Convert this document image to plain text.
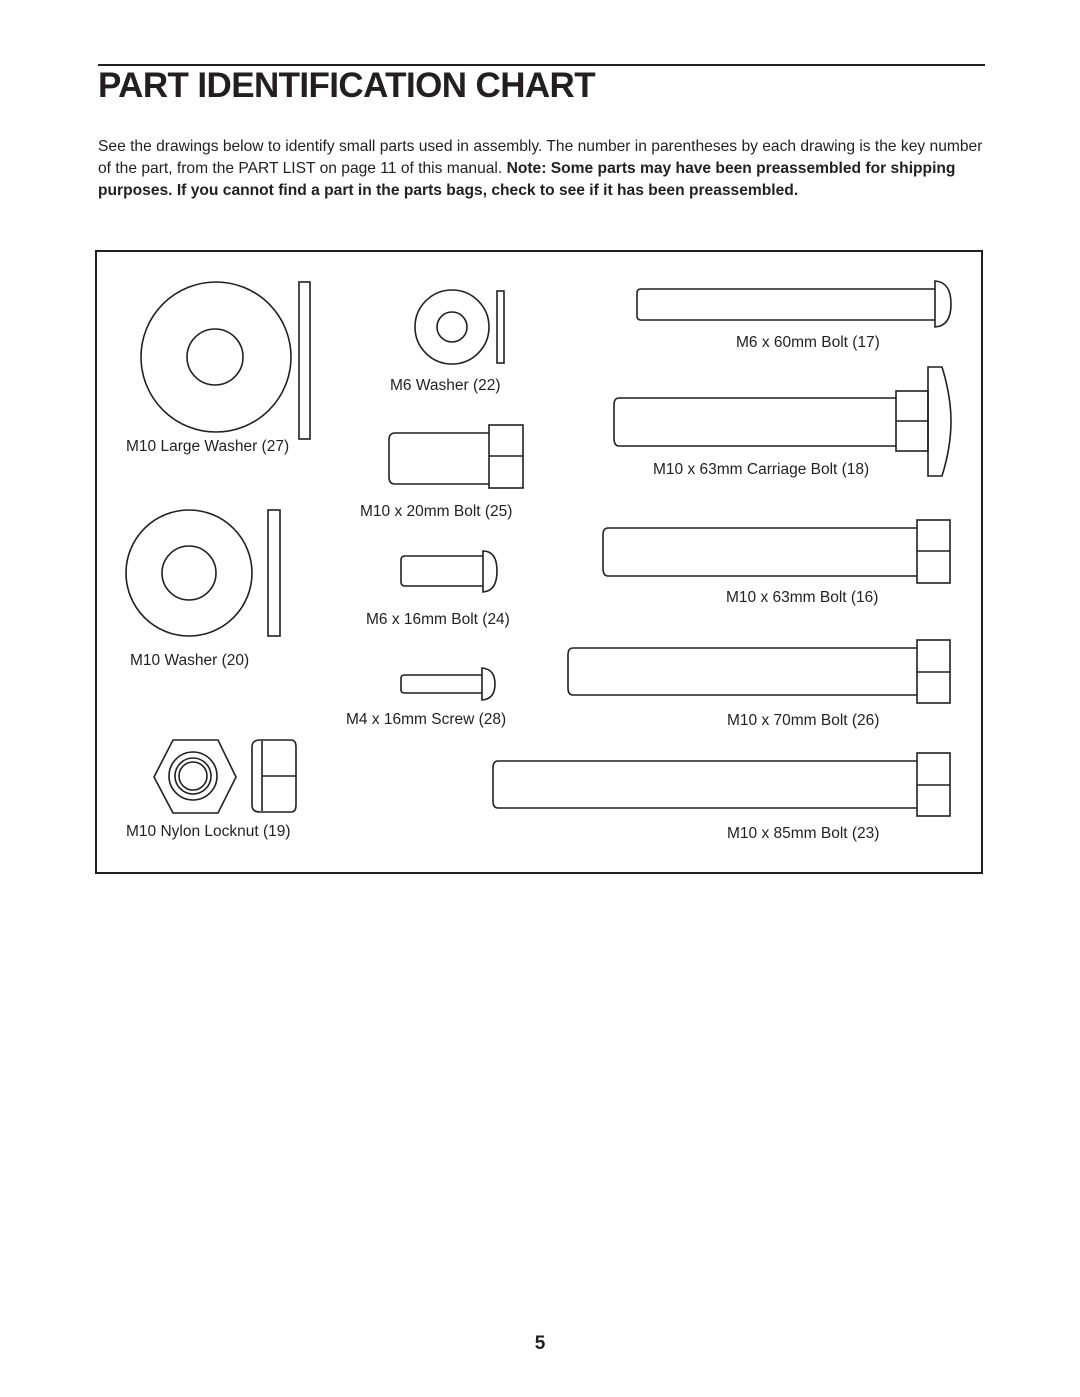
PART IDENTIFICATION CHART

See the drawings below to identify small parts used in assembly. The number in parentheses by each drawing is the key number of the part, from the PART LIST on page 11 of this manual. Note: Some parts may have been preassembled for shipping purposes. If you cannot find a part in the parts bags, check to see if it has been preassembled.

M10 Large Washer (27)
M10 Washer (20)
M10 Nylon Locknut (19)
M6 Washer (22)
M10 x 20mm Bolt (25)
M6 x 16mm Bolt (24)
M4 x 16mm Screw (28)
M6 x 60mm Bolt (17)
M10 x 63mm Carriage Bolt (18)
M10 x 63mm Bolt (16)
M10 x 70mm Bolt (26)
M10 x 85mm Bolt (23)
5
